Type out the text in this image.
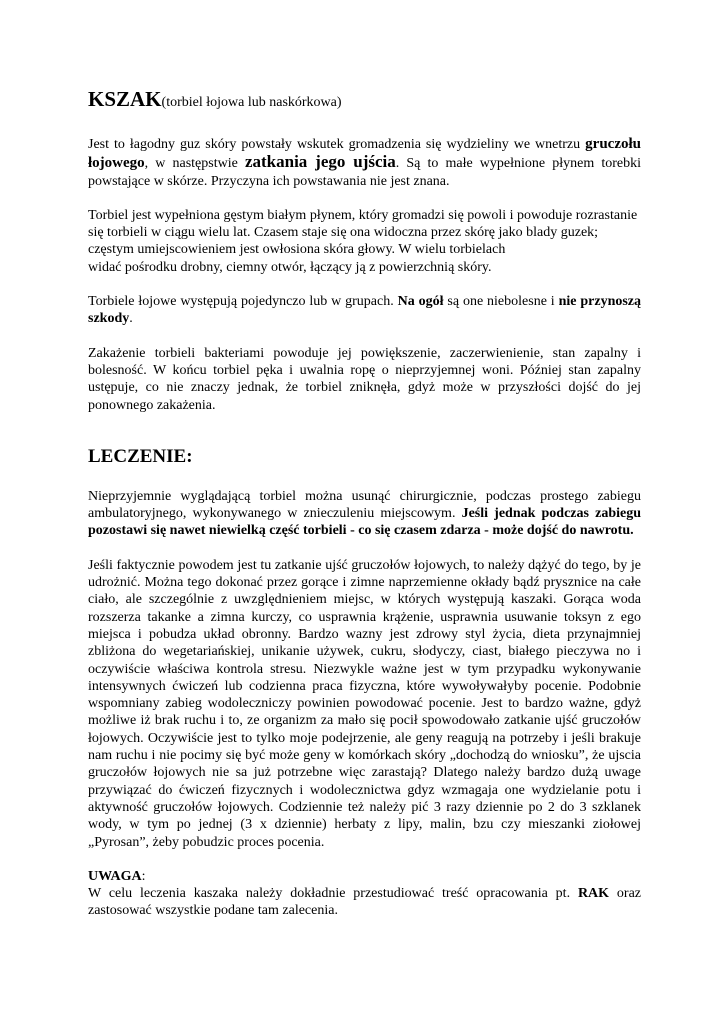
KSZAK(torbiel łojowa lub naskórkowa)

Jest to łagodny guz skóry powstały wskutek gromadzenia się wydzieliny we wnetrzu gruczołu łojowego, w następstwie zatkania jego ujścia. Są to małe wypełnione płynem torebki powstające w skórze. Przyczyna ich powstawania nie jest znana.

Torbiel jest wypełniona gęstym białym płynem, który gromadzi się powoli i powoduje rozrastanie się torbieli w ciągu wielu lat. Czasem staje się ona widoczna przez skórę jako blady guzek; częstym umiejscowieniem jest owłosiona skóra głowy. W wielu torbielach
widać pośrodku drobny, ciemny otwór, łączący ją z powierzchnią skóry.

Torbiele łojowe występują pojedynczo lub w grupach. Na ogół są one niebolesne i nie przynoszą szkody.

Zakażenie torbieli bakteriami powoduje jej powiększenie, zaczerwienienie, stan zapalny i bolesność. W końcu torbiel pęka i uwalnia ropę o nieprzyjemnej woni. Później stan zapalny ustępuje, co nie znaczy jednak, że torbiel zniknęła, gdyż może w przyszłości dojść do jej ponownego zakażenia.

LECZENIE:

Nieprzyjemnie wyglądającą torbiel można usunąć chirurgicznie, podczas prostego zabiegu ambulatoryjnego, wykonywanego w znieczuleniu miejscowym. Jeśli jednak podczas zabiegu pozostawi się nawet niewielką część torbieli - co się czasem zdarza - może dojść do nawrotu.

Jeśli faktycznie powodem jest tu zatkanie ujść gruczołów łojowych, to należy dążyć do tego, by je udrożnić. Można tego dokonać przez gorące i zimne naprzemienne okłady bądź prysznice na całe ciało, ale szczególnie z uwzględnieniem miejsc, w których występują kaszaki. Gorąca woda rozszerza takanke a zimna kurczy, co usprawnia krążenie, usprawnia usuwanie toksyn z ego miejsca i pobudza układ obronny. Bardzo wazny jest zdrowy styl życia, dieta przynajmniej zbliżona do wegetariańskiej, unikanie używek, cukru, słodyczy, ciast, białego pieczywa no i oczywiście właściwa kontrola stresu. Niezwykle ważne jest w tym przypadku wykonywanie intensywnych ćwiczeń lub codzienna praca fizyczna, które wywoływałyby pocenie. Podobnie wspomniany zabieg wodoleczniczy powinien powodować pocenie. Jest to bardzo ważne, gdyż możliwe iż brak ruchu i to, ze organizm za mało się pocił spowodowało zatkanie ujść gruczołów łojowych. Oczywiście jest to tylko moje podejrzenie, ale geny reagują na potrzeby i jeśli brakuje nam ruchu i nie pocimy się być może geny w komórkach skóry „dochodzą do wniosku”, że ujscia gruczołów łojowych nie sa już potrzebne więc zarastają? Dlatego należy bardzo dużą uwage przywiązać do ćwiczeń fizycznych i wodolecznictwa gdyz wzmagaja one wydzielanie potu i aktywność gruczołów łojowych. Codziennie też należy pić 3 razy dziennie po 2 do 3 szklanek wody, w tym po jednej (3 x dziennie) herbaty z lipy, malin, bzu czy mieszanki ziołowej „Pyrosan”, żeby pobudzic proces pocenia.

UWAGA:

W celu leczenia kaszaka należy dokładnie przestudiować treść opracowania pt. RAK oraz zastosować wszystkie podane tam zalecenia.
